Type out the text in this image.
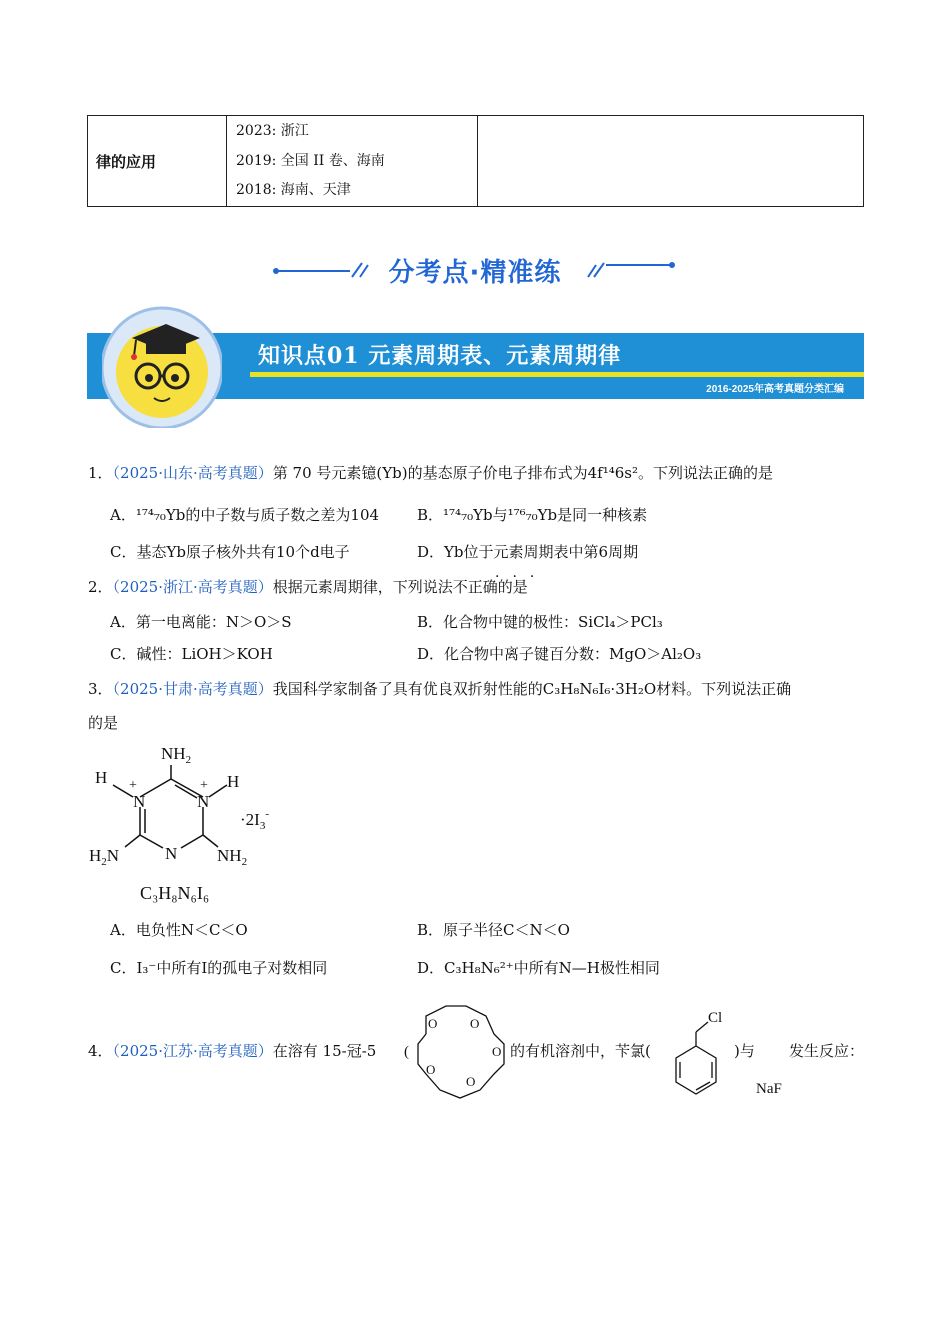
律的应用
2023: 浙江
2019: 全国 II 卷、海南
2018: 海南、天津
分考点·精准练
知识点01 元素周期表、元素周期律
2016-2025年高考真题分类汇编
1．（2025·山东·高考真题）第 70 号元素镱(Yb)的基态原子价电子排布式为4f¹⁴6s²。下列说法正确的是
A．¹⁷⁴₇₀Yb的中子数与质子数之差为104	B．¹⁷⁴₇₀Yb与¹⁷⁶₇₀Yb是同一种核素
C．基态Yb原子核外共有10个d电子	D．Yb位于元素周期表中第6周期
2．（2025·浙江·高考真题）根据元素周期律，下列说法不正确的是
···
A．第一电离能：N＞O＞S	B．化合物中键的极性：SiCl₄＞PCl₃
C．碱性：LiOH＞KOH	D．化合物中离子键百分数：MgO＞Al₂O₃
3．（2025·甘肃·高考真题）我国科学家制备了具有优良双折射性能的C₃H₈N₆I₆·3H₂O材料。下列说法正确
的是
$NH_2$
H	H
+	+
N	N
N
$H_2N$	$NH_2$
$\cdot 2I_3^-$
C₃H₈N₆I₆
A．电负性N＜C＜O	B．原子半径C＜N＜O
C．I₃⁻中所有I的孤电子对数相同	D．C₃H₈N₆²⁺中所有N—H极性相同
4．（2025·江苏·高考真题）在溶有 15-冠-5
O	O
O
O
O
(	的有机溶剂中，苄氯(
Cl
)与
NaF
发生反应：
